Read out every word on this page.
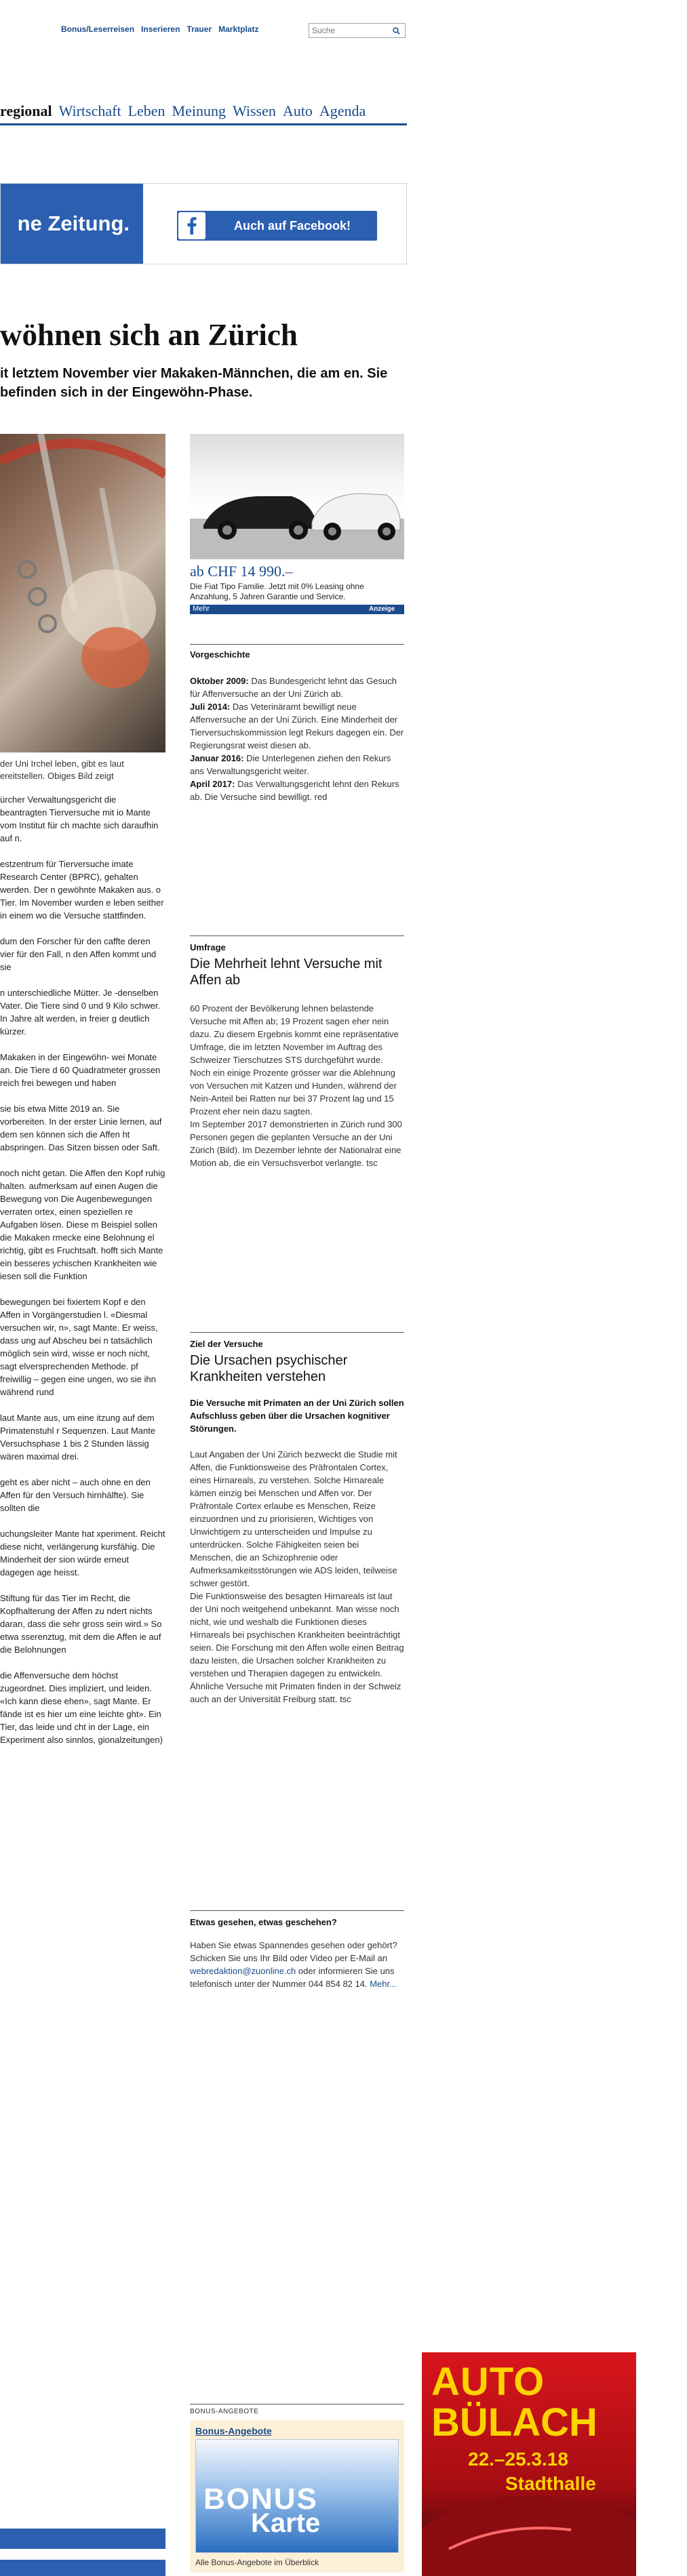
Bonus/Leserreisen Inserieren Trauer Marktplatz
Suche
regional Wirtschaft Leben Meinung Wissen Auto Agenda
ne Zeitung.	Auch auf Facebook!
wöhnen sich an Zürich

it letztem November vier Makaken-Männchen, die am en. Sie befinden sich in der Eingewöhn-Phase.

der Uni Irchel leben, gibt es laut ereitstellen. Obiges Bild zeigt

ürcher Verwaltungsgericht die beantragten Tierversuche mit io Mante vom Institut für ch machte sich daraufhin auf n.

estzentrum für Tierversuche imate Research Center (BPRC), gehalten werden. Der n gewöhnte Makaken aus. o Tier. Im November wurden e leben seither in einem wo die Versuche stattfinden.

dum den Forscher für den caffte deren vier für den Fall, n den Affen kommt und sie

n unterschiedliche Mütter. Je -denselben Vater. Die Tiere sind 0 und 9 Kilo schwer. In Jahre alt werden, in freier g deutlich kürzer.

Makaken in der Eingewöhn- wei Monate an. Die Tiere d 60 Quadratmeter grossen reich frei bewegen und haben

sie bis etwa Mitte 2019 an. Sie vorbereiten. In der erster Linie lernen, auf dem sen können sich die Affen ht abspringen. Das Sitzen bissen oder Saft.

noch nicht getan. Die Affen den Kopf ruhig halten. aufmerksam auf einen Augen die Bewegung von Die Augenbewegungen verraten ortex, einen speziellen re Aufgaben lösen. Diese m Beispiel sollen die Makaken rmecke eine Belohnung el richtig, gibt es Fruchtsaft. hofft sich Mante ein besseres ychischen Krankheiten wie iesen soll die Funktion

bewegungen bei fixiertem Kopf e den Affen in Vorgängerstudien l. «Diesmal versuchen wir, n», sagt Mante. Er weiss, dass ung auf Abscheu bei n tatsächlich möglich sein wird, wisse er noch nicht, sagt elversprechenden Methode. pf freiwillig – gegen eine ungen, wo sie ihn während rund

laut Mante aus, um eine itzung auf dem Primatenstuhl r Sequenzen. Laut Mante Versuchsphase 1 bis 2 Stunden lässig wären maximal drei.

geht es aber nicht – auch ohne en den Affen für den Versuch hirnhälfte). Sie sollten die

uchungsleiter Mante hat xperiment. Reicht diese nicht, verlängerung kursfähig. Die Minderheit der sion würde erneut dagegen age heisst.

Stiftung für das Tier im Recht, die Kopfhalterung der Affen zu ndert nichts daran, dass die sehr gross sein wird.» So etwa sserenztug, mit dem die Affen ie auf die Belohnungen

die Affenversuche dem höchst zugeordnet. Dies impliziert, und leiden. «Ich kann diese ehen», sagt Mante. Er fände ist es hier um eine leichte ght». Ein Tier, das leide und cht in der Lage, ein Experiment also sinnlos, gionalzeitungen)

ab CHF 14 990.–
Die Fiat Tipo Familie. Jetzt mit 0% Leasing ohne Anzahlung, 5 Jahren Garantie und Service.
Mehr	Anzeige
Vorgeschichte
Oktober 2009: Das Bundesgericht lehnt das Gesuch für Affenversuche an der Uni Zürich ab.
Juli 2014: Das Veterinäramt bewilligt neue Affenversuche an der Uni Zürich. Eine Minderheit der Tierversuchskommission legt Rekurs dagegen ein. Der Regierungsrat weist diesen ab.
Januar 2016: Die Unterlegenen ziehen den Rekurs ans Verwaltungsgericht weiter.
April 2017: Das Verwaltungsgericht lehnt den Rekurs ab. Die Versuche sind bewilligt. red
Umfrage
Die Mehrheit lehnt Versuche mit Affen ab
60 Prozent der Bevölkerung lehnen belastende Versuche mit Affen ab; 19 Prozent sagen eher nein dazu. Zu diesem Ergebnis kommt eine repräsentative Umfrage, die im letzten November im Auftrag des Schweizer Tierschutzes STS durchgeführt wurde. Noch ein einige Prozente grösser war die Ablehnung von Versuchen mit Katzen und Hunden, während der Nein-Anteil bei Ratten nur bei 37 Prozent lag und 15 Prozent eher nein dazu sagten.
Im September 2017 demonstrierten in Zürich rund 300 Personen gegen die geplanten Versuche an der Uni Zürich (Bild). Im Dezember lehnte der Nationalrat eine Motion ab, die ein Versuchsverbot verlangte. tsc
Ziel der Versuche
Die Ursachen psychischer Krankheiten verstehen
Die Versuche mit Primaten an der Uni Zürich sollen Aufschluss geben über die Ursachen kognitiver Störungen.
Laut Angaben der Uni Zürich bezweckt die Studie mit Affen, die Funktionsweise des Präfrontalen Cortex, eines Hirnareals, zu verstehen. Solche Hirnareale kämen einzig bei Menschen und Affen vor. Der Präfrontale Cortex erlaube es Menschen, Reize einzuordnen und zu priorisieren, Wichtiges von Unwichtigem zu unterscheiden und Impulse zu unterdrücken. Solche Fähigkeiten seien bei Menschen, die an Schizophrenie oder Aufmerksamkeitsstörungen wie ADS leiden, teilweise schwer gestört.
Die Funktionsweise des besagten Hirnareals ist laut der Uni noch weitgehend unbekannt. Man wisse noch nicht, wie und weshalb die Funktionen dieses Hirnareals bei psychischen Krankheiten beeinträchtigt seien. Die Forschung mit den Affen wolle einen Beitrag dazu leisten, die Ursachen solcher Krankheiten zu verstehen und Therapien dagegen zu entwickeln.
Ähnliche Versuche mit Primaten finden in der Schweiz auch an der Universität Freiburg statt. tsc
Etwas gesehen, etwas geschehen?
Haben Sie etwas Spannendes gesehen oder gehört? Schicken Sie uns Ihr Bild oder Video per E-Mail an webredaktion@zuonline.ch oder informieren Sie uns telefonisch unter der Nummer 044 854 82 14. Mehr...
BONUS-ANGEBOTE
Bonus-Angebote
BONUS
Karte
Alle Bonus-Angebote im Überblick
AUTO
BÜLACH
22.–25.3.18
Stadthalle
